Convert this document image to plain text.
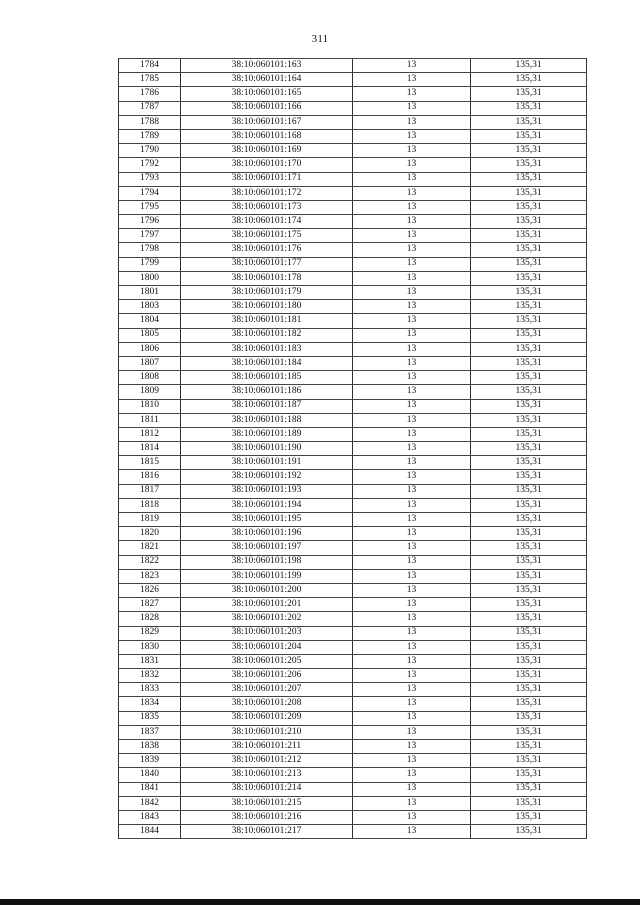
311
1784	38:10:060101:163	13	135,31
1785	38:10:060101:164	13	135,31
1786	38:10:060101:165	13	135,31
1787	38:10:060101:166	13	135,31
1788	38:10:060101:167	13	135,31
1789	38:10:060101:168	13	135,31
1790	38:10:060101:169	13	135,31
1792	38:10:060101:170	13	135,31
1793	38:10:060101:171	13	135,31
1794	38:10:060101:172	13	135,31
1795	38:10:060101:173	13	135,31
1796	38:10:060101:174	13	135,31
1797	38:10:060101:175	13	135,31
1798	38:10:060101:176	13	135,31
1799	38:10:060101:177	13	135,31
1800	38:10:060101:178	13	135,31
1801	38:10:060101:179	13	135,31
1803	38:10:060101:180	13	135,31
1804	38:10:060101:181	13	135,31
1805	38:10:060101:182	13	135,31
1806	38:10:060101:183	13	135,31
1807	38:10:060101:184	13	135,31
1808	38:10:060101:185	13	135,31
1809	38:10:060101:186	13	135,31
1810	38:10:060101:187	13	135,31
1811	38:10:060101:188	13	135,31
1812	38:10:060101:189	13	135,31
1814	38:10:060101:190	13	135,31
1815	38:10:060101:191	13	135,31
1816	38:10:060101:192	13	135,31
1817	38:10:060101:193	13	135,31
1818	38:10:060101:194	13	135,31
1819	38:10:060101:195	13	135,31
1820	38:10:060101:196	13	135,31
1821	38:10:060101:197	13	135,31
1822	38:10:060101:198	13	135,31
1823	38:10:060101:199	13	135,31
1826	38:10:060101:200	13	135,31
1827	38:10:060101:201	13	135,31
1828	38:10:060101:202	13	135,31
1829	38:10:060101:203	13	135,31
1830	38:10:060101:204	13	135,31
1831	38:10:060101:205	13	135,31
1832	38:10:060101:206	13	135,31
1833	38:10:060101:207	13	135,31
1834	38:10:060101:208	13	135,31
1835	38:10:060101:209	13	135,31
1837	38:10:060101:210	13	135,31
1838	38:10:060101:211	13	135,31
1839	38:10:060101:212	13	135,31
1840	38:10:060101:213	13	135,31
1841	38:10:060101:214	13	135,31
1842	38:10:060101:215	13	135,31
1843	38:10:060101:216	13	135,31
1844	38:10:060101:217	13	135,31
